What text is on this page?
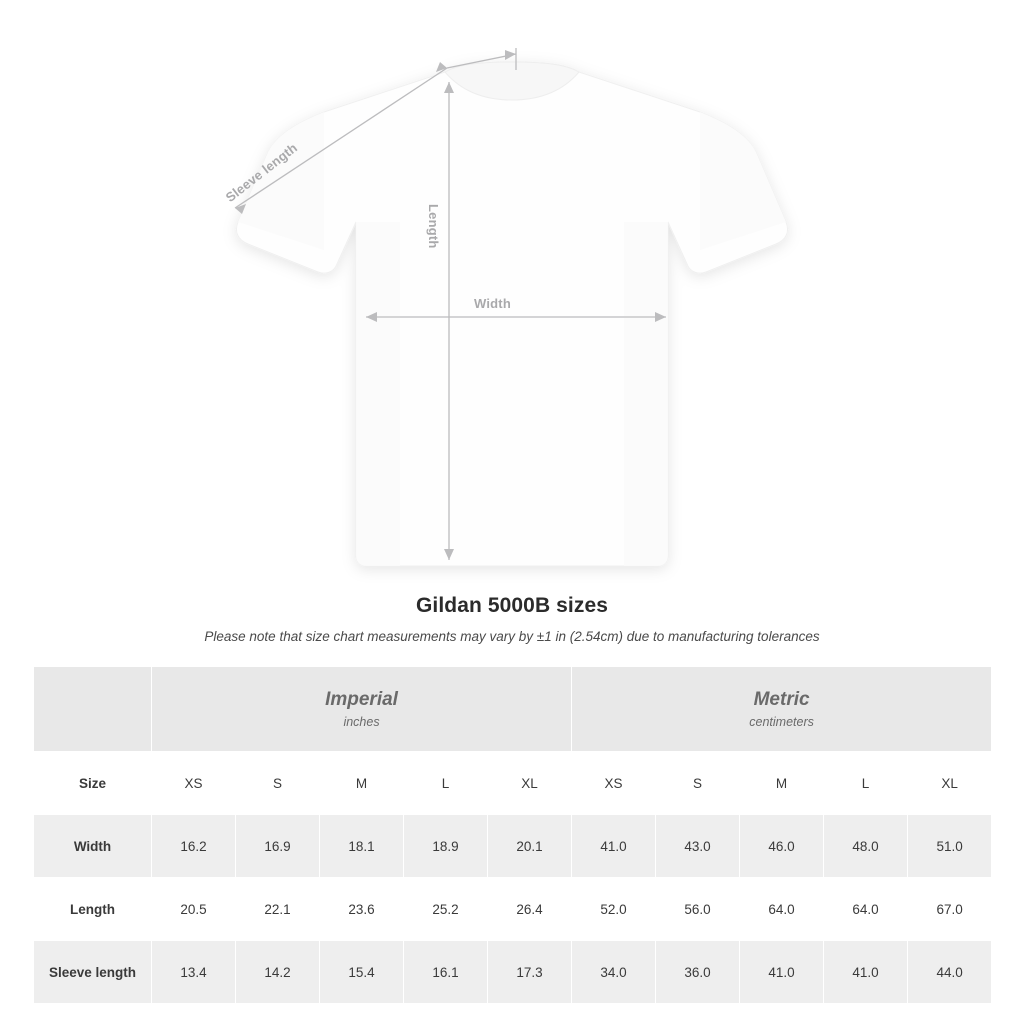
Width
Length
Sleeve length
Gildan 5000B sizes
Please note that size chart measurements may vary by ±1 in (2.54cm) due to manufacturing tolerances

	Imperial
inches					Metric
centimeters				

Size	XS	S	M	L	XL	XS	S	M	L	XL
Width	16.2	16.9	18.1	18.9	20.1	41.0	43.0	46.0	48.0	51.0
Length	20.5	22.1	23.6	25.2	26.4	52.0	56.0	64.0	64.0	67.0
Sleeve length	13.4	14.2	15.4	16.1	17.3	34.0	36.0	41.0	41.0	44.0
